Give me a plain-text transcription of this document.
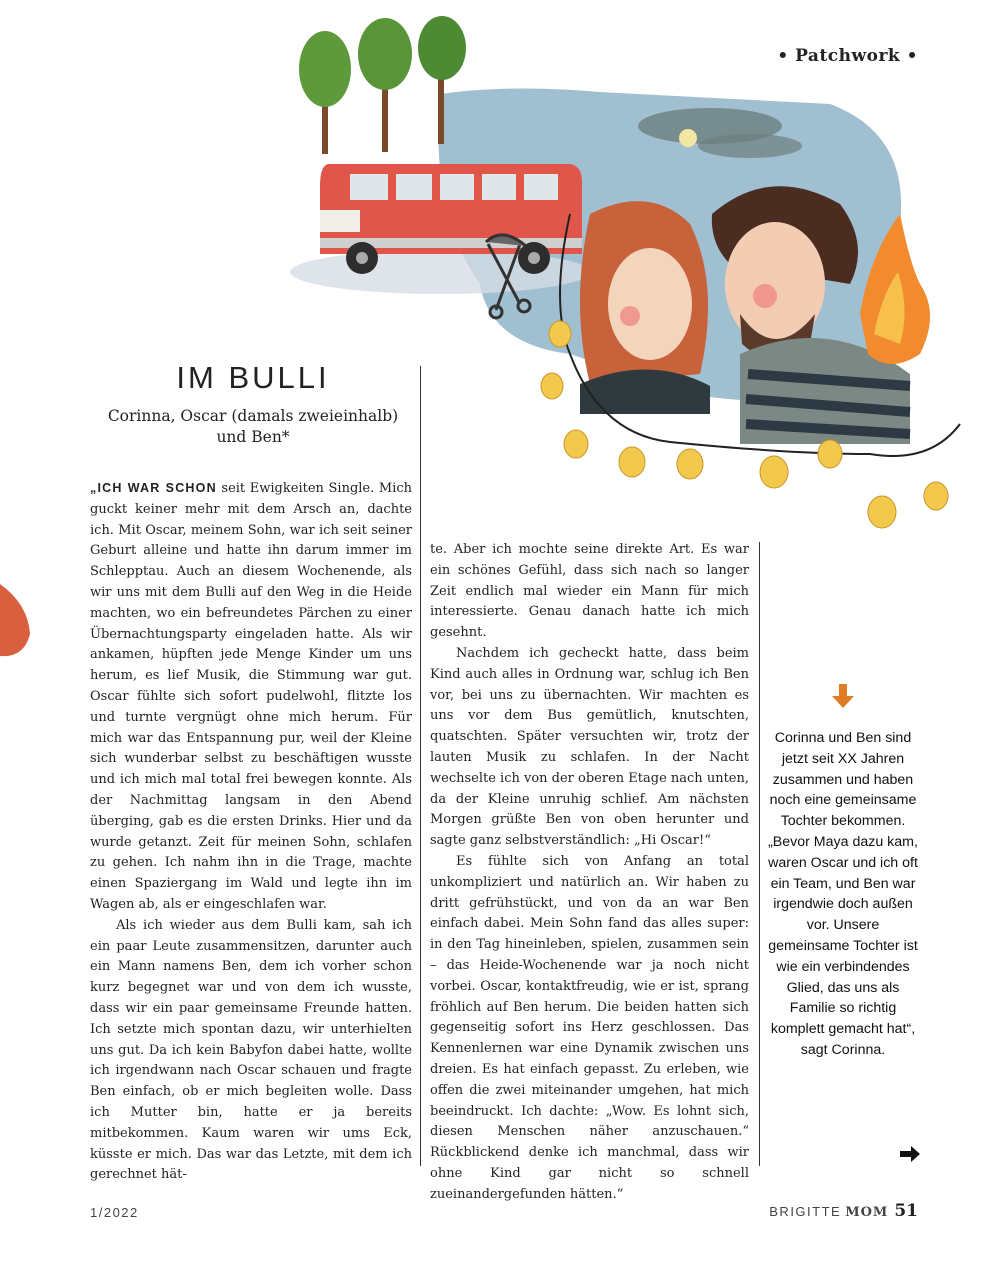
• Patchwork •
IM BULLI
Corinna, Oscar (damals zweieinhalb)
und Ben*

„ICH WAR SCHON seit Ewigkeiten Single. Mich guckt keiner mehr mit dem Arsch an, dachte ich. Mit Oscar, meinem Sohn, war ich seit seiner Geburt alleine und hatte ihn darum immer im Schlepptau. Auch an diesem Wochenende, als wir uns mit dem Bulli auf den Weg in die Heide machten, wo ein befreundetes Pärchen zu einer Übernachtungsparty eingeladen hatte. Als wir ankamen, hüpften jede Menge Kinder um uns herum, es lief Musik, die Stimmung war gut. Oscar fühlte sich sofort pudelwohl, flitzte los und turnte vergnügt ohne mich herum. Für mich war das Entspannung pur, weil der Kleine sich wunderbar selbst zu beschäftigen wusste und ich mich mal total frei bewegen konnte. Als der Nachmittag langsam in den Abend überging, gab es die ersten Drinks. Hier und da wurde getanzt. Zeit für meinen Sohn, schlafen zu gehen. Ich nahm ihn in die Trage, machte einen Spaziergang im Wald und legte ihn im Wagen ab, als er eingeschlafen war.

Als ich wieder aus dem Bulli kam, sah ich ein paar Leute zusammensitzen, darunter auch ein Mann namens Ben, dem ich vorher schon kurz begegnet war und von dem ich wusste, dass wir ein paar gemeinsame Freunde hatten. Ich setzte mich spontan dazu, wir unterhielten uns gut. Da ich kein Babyfon dabei hatte, wollte ich irgendwann nach Oscar schauen und fragte Ben einfach, ob er mich begleiten wolle. Dass ich Mutter bin, hatte er ja bereits mitbekommen. Kaum waren wir ums Eck, küsste er mich. Das war das Letzte, mit dem ich gerechnet hät-

te. Aber ich mochte seine direkte Art. Es war ein schönes Gefühl, dass sich nach so langer Zeit endlich mal wieder ein Mann für mich interessierte. Genau danach hatte ich mich gesehnt.

Nachdem ich gecheckt hatte, dass beim Kind auch alles in Ordnung war, schlug ich Ben vor, bei uns zu übernachten. Wir machten es uns vor dem Bus gemütlich, knutschten, quatschten. Später versuchten wir, trotz der lauten Musik zu schlafen. In der Nacht wechselte ich von der oberen Etage nach unten, da der Kleine unruhig schlief. Am nächsten Morgen grüßte Ben von oben herunter und sagte ganz selbstverständlich: „Hi Oscar!“

Es fühlte sich von Anfang an total unkompliziert und natürlich an. Wir haben zu dritt gefrühstückt, und von da an war Ben einfach dabei. Mein Sohn fand das alles super: in den Tag hineinleben, spielen, zusammen sein – das Heide-Wochenende war ja noch nicht vorbei. Oscar, kontaktfreudig, wie er ist, sprang fröhlich auf Ben herum. Die beiden hatten sich gegenseitig sofort ins Herz geschlossen. Das Kennenlernen war eine Dynamik zwischen uns dreien. Es hat einfach gepasst. Zu erleben, wie offen die zwei miteinander umgehen, hat mich beeindruckt. Ich dachte: „Wow. Es lohnt sich, diesen Menschen näher anzuschauen.“ Rückblickend denke ich manchmal, dass wir ohne Kind gar nicht so schnell zueinandergefunden hätten.“

Corinna und Ben sind jetzt seit XX Jahren zusammen und haben noch eine gemeinsame Tochter bekommen. „Bevor Maya dazu kam, waren Oscar und ich oft ein Team, und Ben war irgendwie doch außen vor. Unsere gemeinsame Tochter ist wie ein verbindendes Glied, das uns als Familie so richtig komplett gemacht hat“, sagt Corinna.
1/2022	BRIGITTE MOM 51
